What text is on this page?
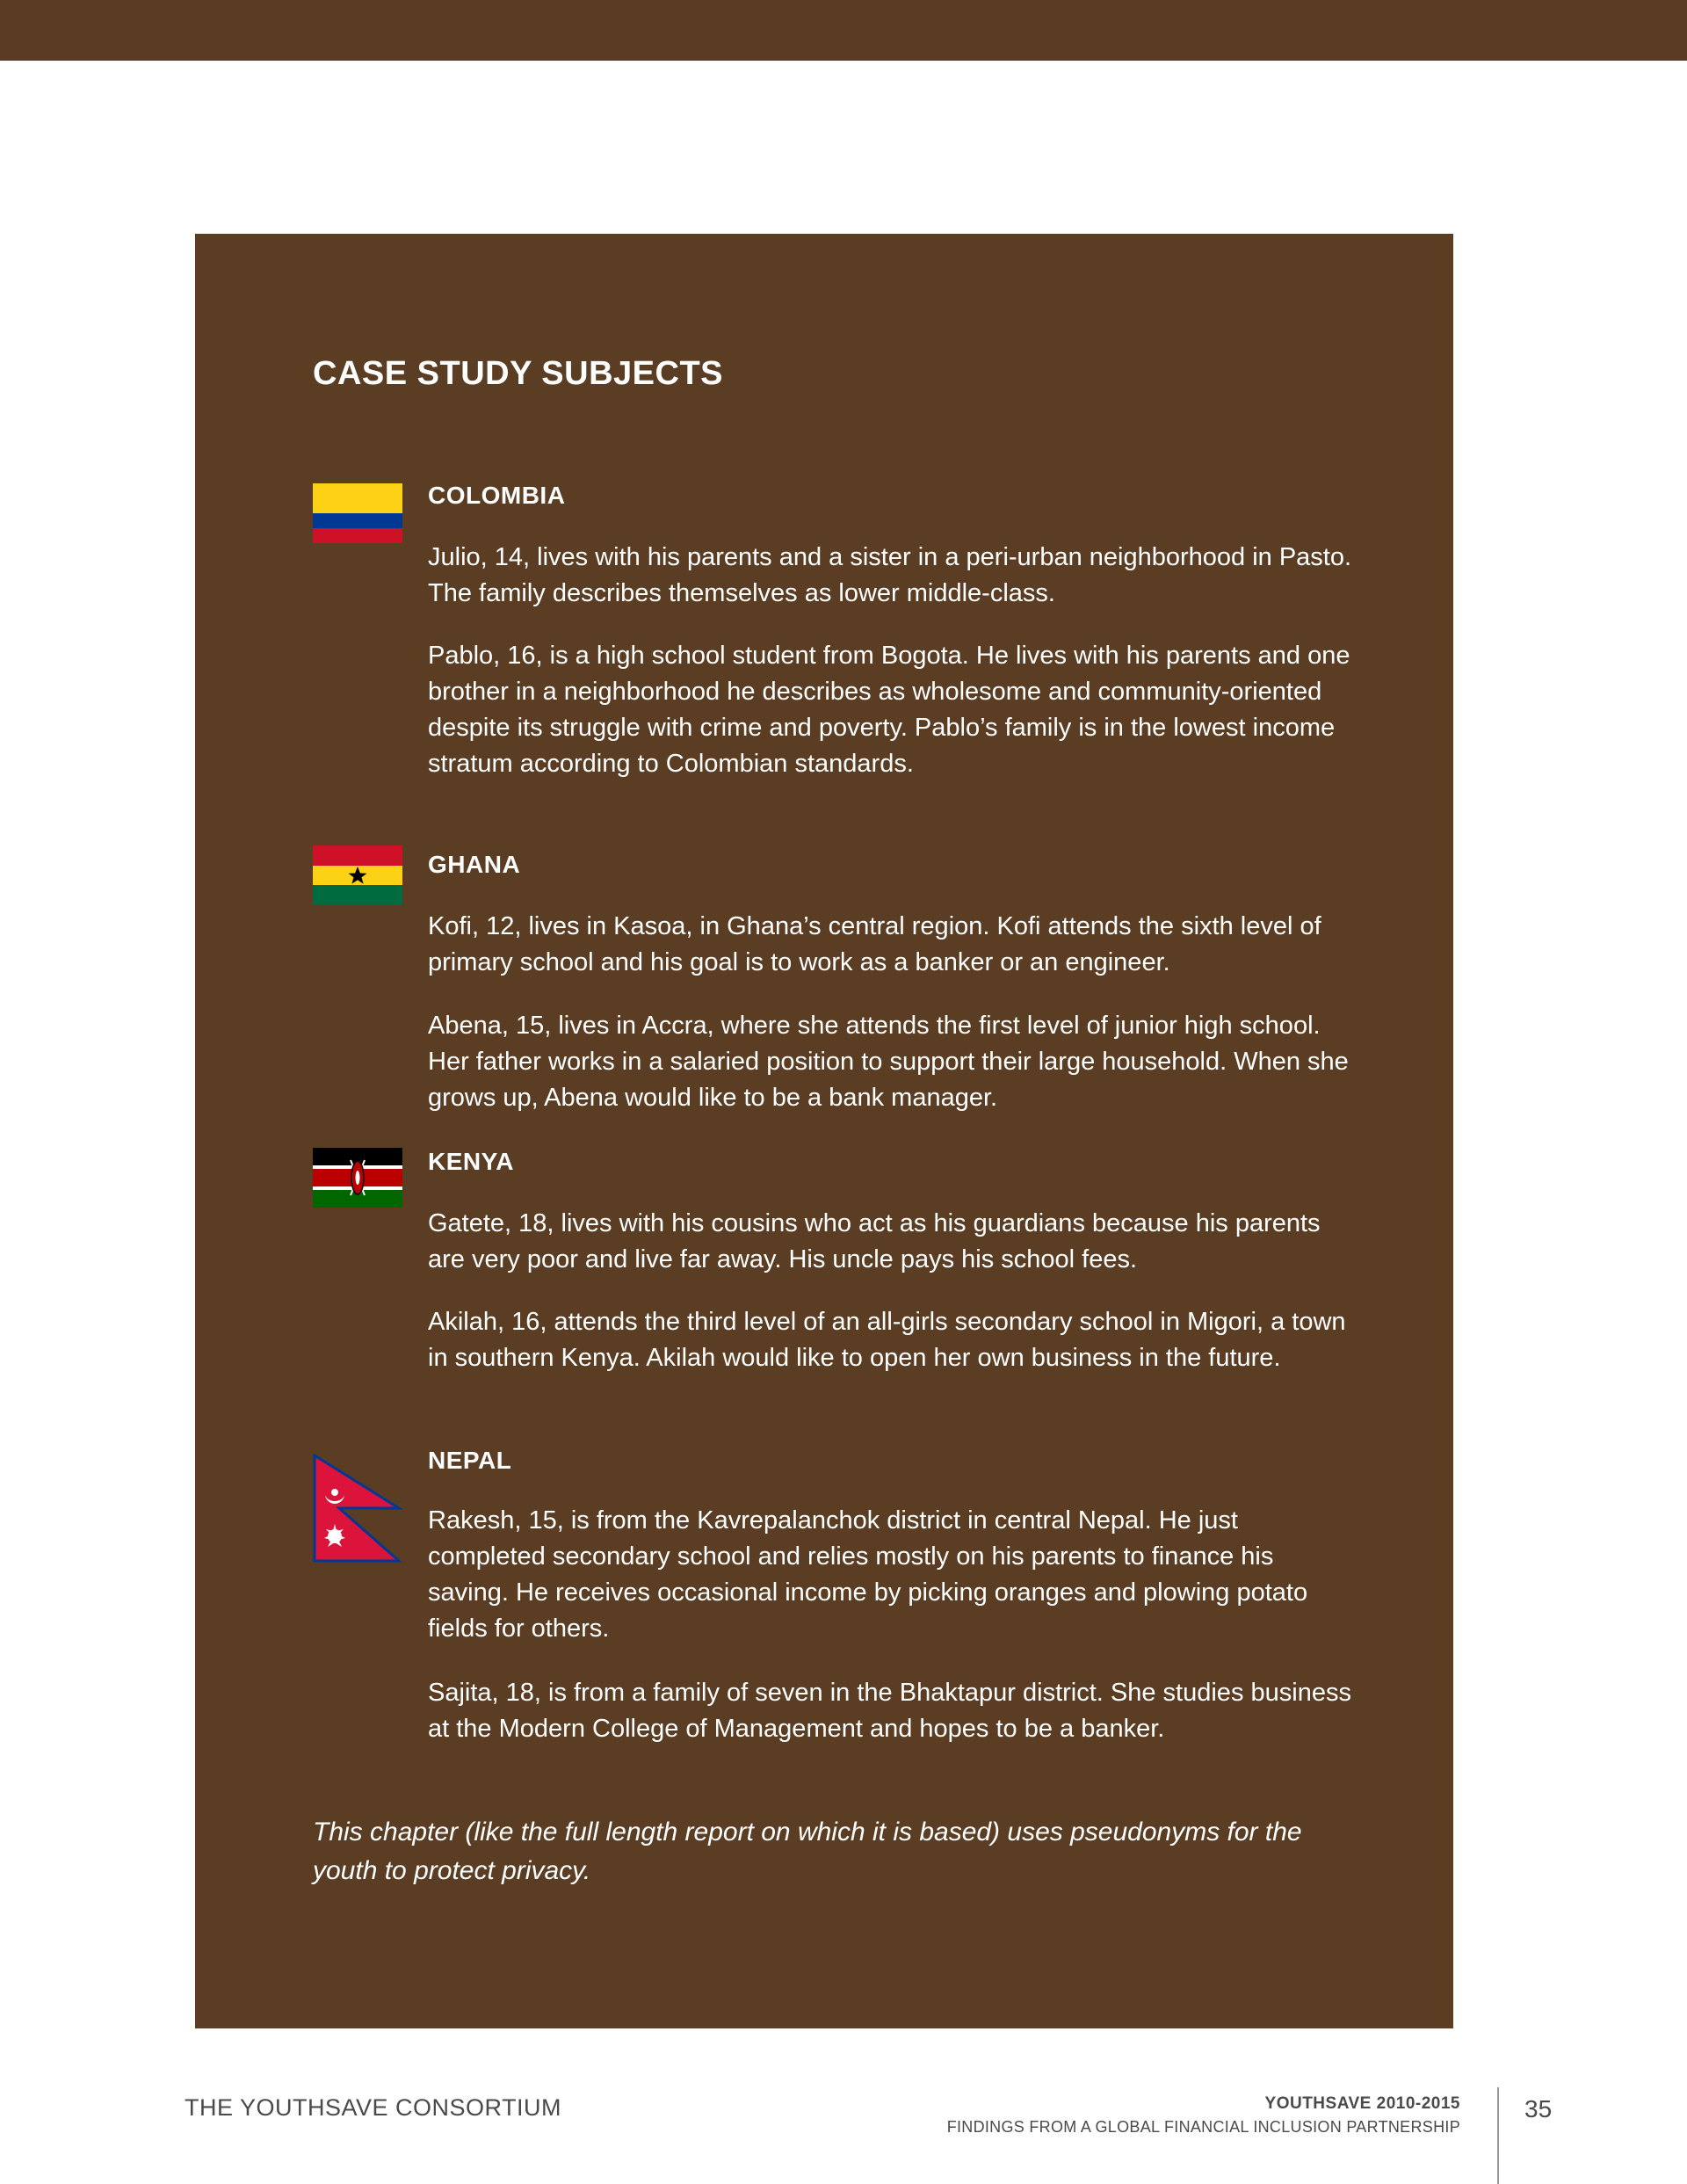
CASE STUDY SUBJECTS
COLOMBIA

Julio, 14, lives with his parents and a sister in a peri-urban neighborhood in Pasto. The family describes themselves as lower middle-class.

Pablo, 16, is a high school student from Bogota. He lives with his parents and one brother in a neighborhood he describes as wholesome and community-oriented despite its struggle with crime and poverty. Pablo’s family is in the lowest income stratum according to Colombian standards.

GHANA

Kofi, 12, lives in Kasoa, in Ghana’s central region. Kofi attends the sixth level of primary school and his goal is to work as a banker or an engineer.

Abena, 15, lives in Accra, where she attends the first level of junior high school. Her father works in a salaried position to support their large household. When she grows up, Abena would like to be a bank manager.

KENYA

Gatete, 18, lives with his cousins who act as his guardians because his parents are very poor and live far away. His uncle pays his school fees.

Akilah, 16, attends the third level of an all-girls secondary school in Migori, a town in southern Kenya. Akilah would like to open her own business in the future.

NEPAL

Rakesh, 15, is from the Kavrepalanchok district in central Nepal. He just completed secondary school and relies mostly on his parents to finance his saving. He receives occasional income by picking oranges and plowing potato fields for others.

Sajita, 18, is from a family of seven in the Bhaktapur district. She studies business at the Modern College of Management and hopes to be a banker.

This chapter (like the full length report on which it is based) uses pseudonyms for the youth to protect privacy.

THE YOUTHSAVE CONSORTIUM	YOUTHSAVE 2010-2015
FINDINGS FROM A GLOBAL FINANCIAL INCLUSION PARTNERSHIP
35
